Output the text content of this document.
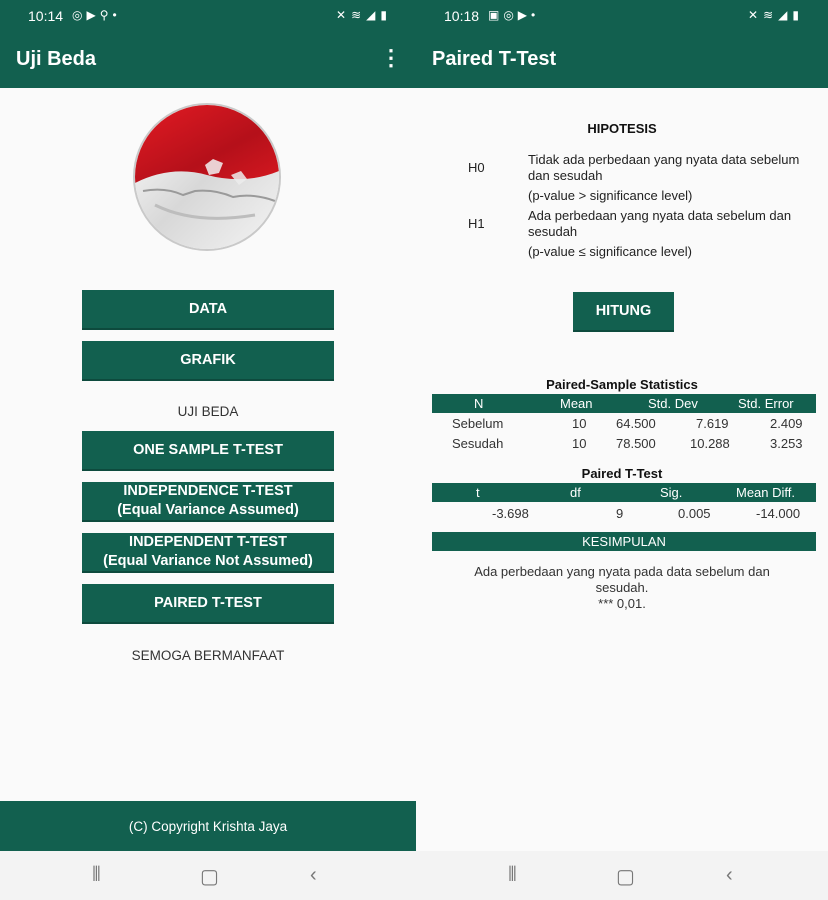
10:14 ◎▶⚲•	✕≋◢▮
Uji Beda	⋮
DATA
GRAFIK
UJI BEDA
ONE SAMPLE T-TEST
INDEPENDENCE T-TEST
(Equal Variance Assumed)
INDEPENDENT T-TEST
(Equal Variance Not Assumed)
PAIRED T-TEST
SEMOGA BERMANFAAT
(C) Copyright Krishta Jaya
⦀	▢	‹
10:18 ▣◎▶•	✕≋◢▮
Paired T-Test
HIPOTESIS
H0
Tidak ada perbedaan yang nyata data sebelum dan sesudah
(p-value > significance level)
H1
Ada perbedaan yang nyata data sebelum dan sesudah
(p-value ≤ significance level)
HITUNG
Paired-Sample Statistics
N	Mean	Std. Dev	Std. Error
Sebelum	10 64.500	7.619	2.409
Sesudah	10 78.500	10.288	3.253
Paired T-Test
t	df	Sig.	Mean Diff.
-3.698	9	0.005	-14.000
KESIMPULAN
Ada perbedaan yang nyata pada data sebelum dan sesudah.
*** 0,01.
⦀	▢	‹
